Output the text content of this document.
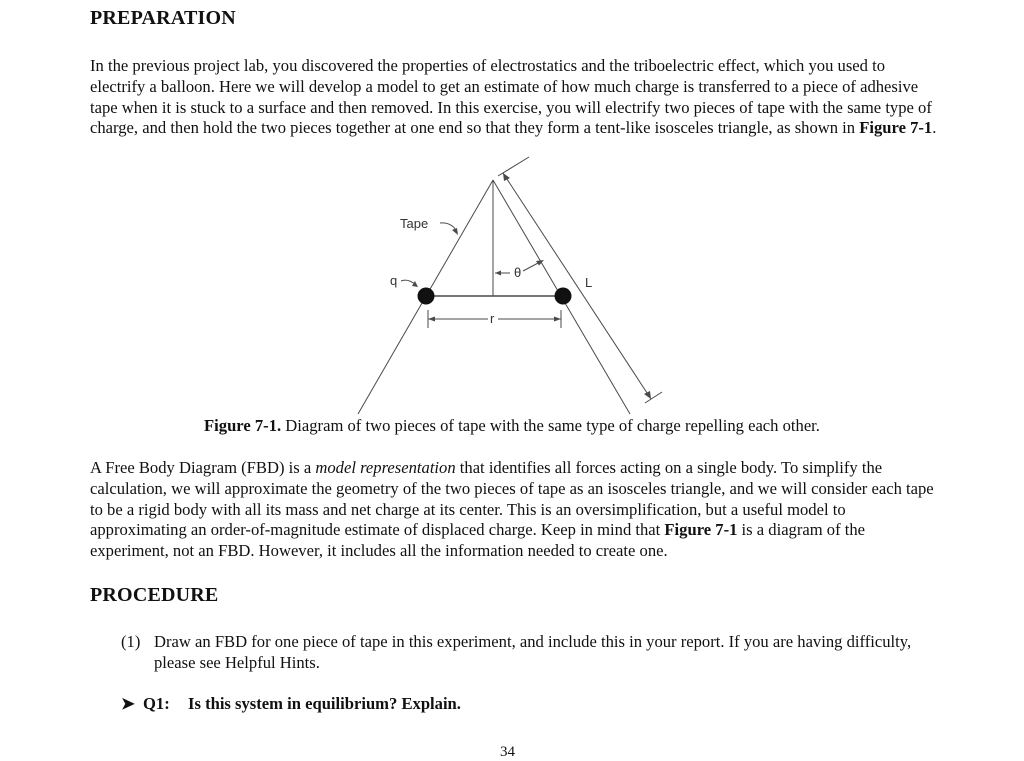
PREPARATION

In the previous project lab, you discovered the properties of electrostatics and the triboelectric effect, which you used to electrify a balloon. Here we will develop a model to get an estimate of how much charge is transferred to a piece of adhesive tape when it is stuck to a surface and then removed. In this exercise, you will electrify two pieces of tape with the same type of charge, and then hold the two pieces together at one end so that they form a tent-like isosceles triangle, as shown in Figure 7-1.

Tape
q
θ
L
r

Figure 7-1. Diagram of two pieces of tape with the same type of charge repelling each other.

A Free Body Diagram (FBD) is a model representation that identifies all forces acting on a single body. To simplify the calculation, we will approximate the geometry of the two pieces of tape as an isosceles triangle, and we will consider each tape to be a rigid body with all its mass and net charge at its center. This is an oversimplification, but a useful model to approximating an order-of-magnitude estimate of displaced charge. Keep in mind that Figure 7-1 is a diagram of the experiment, not an FBD. However, it includes all the information needed to create one.

PROCEDURE

(1) Draw an FBD for one piece of tape in this experiment, and include this in your report. If you are having difficulty, please see Helpful Hints.

➤ Q1: Is this system in equilibrium? Explain.

34
